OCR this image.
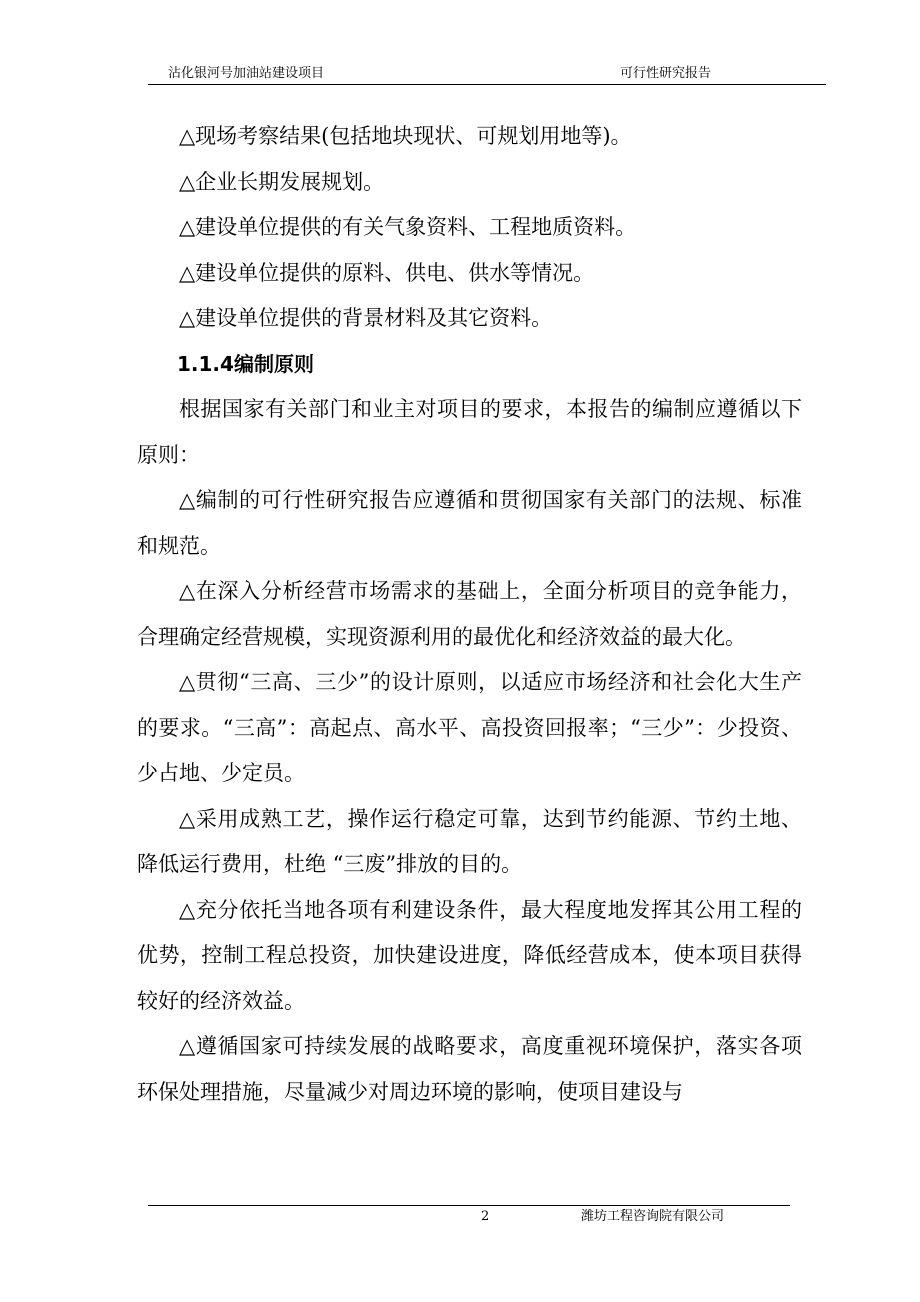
沾化银河号加油站建设项目	可行性研究报告

△现场考察结果(包括地块现状、可规划用地等)。

△企业长期发展规划。

△建设单位提供的有关气象资料、工程地质资料。

△建设单位提供的原料、供电、供水等情况。

△建设单位提供的背景材料及其它资料。

1.1.4编制原则

根据国家有关部门和业主对项目的要求，本报告的编制应遵循以下原则：

△编制的可行性研究报告应遵循和贯彻国家有关部门的法规、标准和规范。

△在深入分析经营市场需求的基础上，全面分析项目的竞争能力，合理确定经营规模，实现资源利用的最优化和经济效益的最大化。

△贯彻“三高、三少”的设计原则，以适应市场经济和社会化大生产的要求。“三高”：高起点、高水平、高投资回报率；“三少”：少投资、少占地、少定员。

△采用成熟工艺，操作运行稳定可靠，达到节约能源、节约土地、降低运行费用，杜绝 “三废”排放的目的。

△充分依托当地各项有利建设条件，最大程度地发挥其公用工程的优势，控制工程总投资，加快建设进度，降低经营成本，使本项目获得较好的经济效益。

△遵循国家可持续发展的战略要求，高度重视环境保护，落实各项环保处理措施，尽量减少对周边环境的影响，使项目建设与

2	潍坊工程咨询院有限公司
